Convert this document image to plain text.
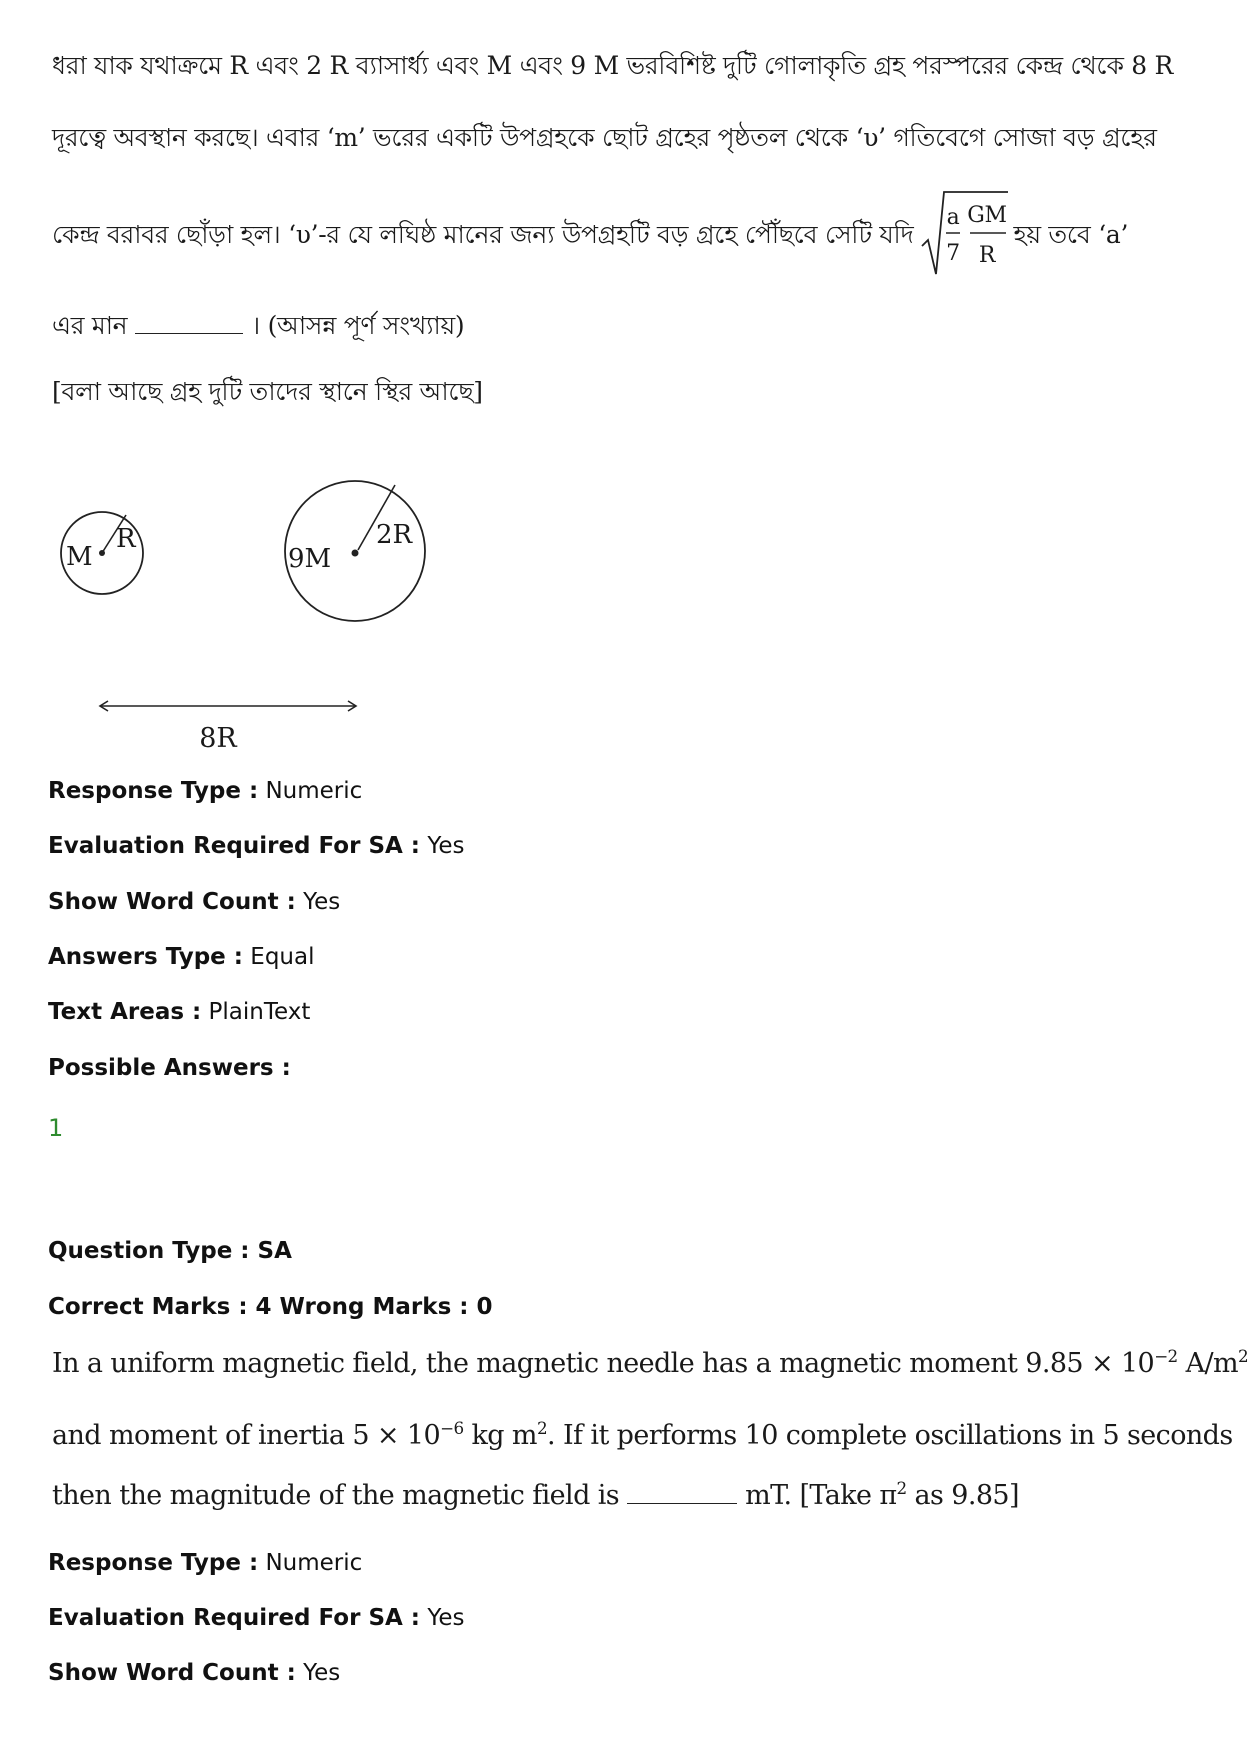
ধরা যাক যথাক্রমে R এবং 2 R ব্যাসার্ধ্য এবং M এবং 9 M ভরবিশিষ্ট দুটি গোলাকৃতি গ্রহ পরস্পরের কেন্দ্র থেকে 8 R
দূরত্বে অবস্থান করছে। এবার ‘m’ ভরের একটি উপগ্রহকে ছোট গ্রহের পৃষ্ঠতল থেকে ‘υ’ গতিবেগে সোজা বড় গ্রহের
কেন্দ্র বরাবর ছোঁড়া হল। ‘υ’-র যে লঘিষ্ঠ মানের জন্য উপগ্রহটি বড় গ্রহে পৌঁছবে সেটি যদি
a
7
GM
R
হয় তবে ‘a’
এর মান	। (আসন্ন পূর্ণ সংখ্যায়)
[বলা আছে গ্রহ দুটি তাদের স্থানে স্থির আছে]
M
R
9M
2R
8R
Response Type : Numeric
Evaluation Required For SA : Yes
Show Word Count : Yes
Answers Type : Equal
Text Areas : PlainText
Possible Answers :
1
Question Type : SA
Correct Marks : 4 Wrong Marks : 0
In a uniform magnetic field, the magnetic needle has a magnetic moment $9.85 \times 10^{-2}$ $A/m^2$
and moment of inertia $5 \times 10^{-6}$ kg $m^2$. If it performs 10 complete oscillations in 5 seconds
then the magnitude of the magnetic field is	mT. [Take $\pi^2$ as 9.85]
Response Type : Numeric
Evaluation Required For SA : Yes
Show Word Count : Yes
